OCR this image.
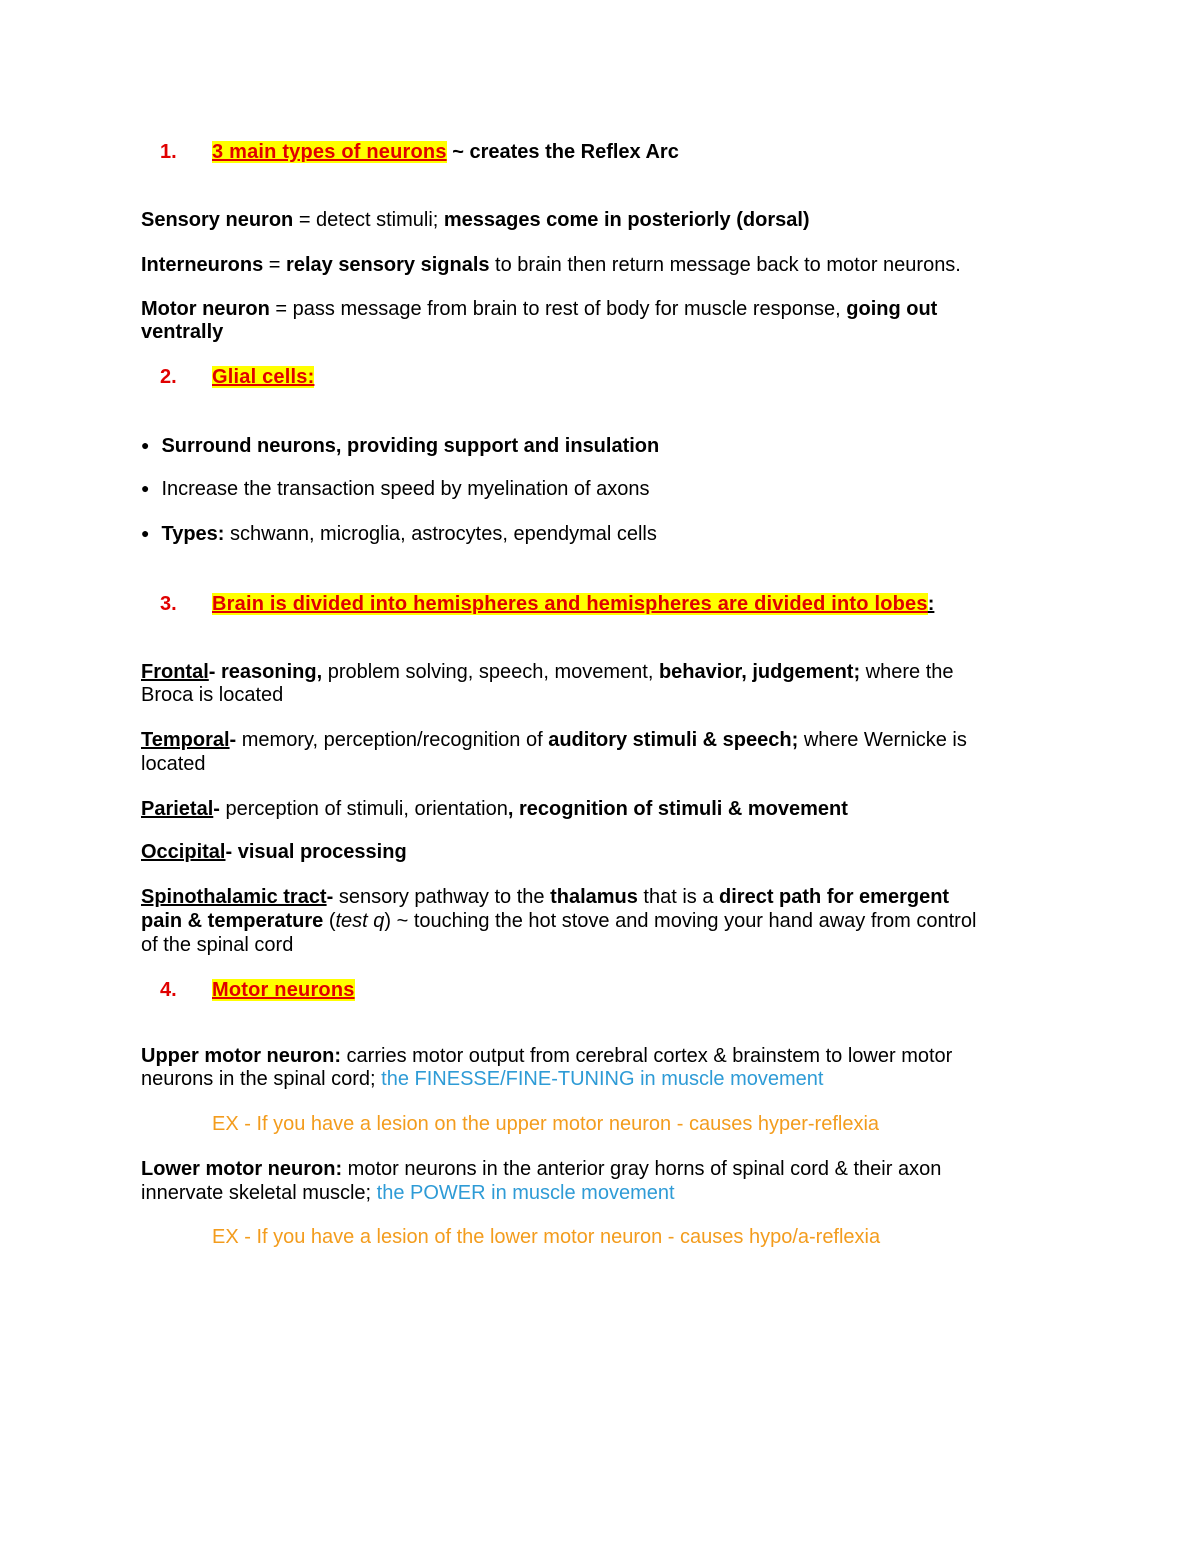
1. 3 main types of neurons ~ creates the Reflex Arc
Sensory neuron = detect stimuli; messages come in posteriorly (dorsal)
Interneurons = relay sensory signals to brain then return message back to motor neurons.
Motor neuron = pass message from brain to rest of body for muscle response, going out
ventrally
2. Glial cells:
● Surround neurons, providing support and insulation
● Increase the transaction speed by myelination of axons
● Types: schwann, microglia, astrocytes, ependymal cells
3. Brain is divided into hemispheres and hemispheres are divided into lobes:
Frontal- reasoning, problem solving, speech, movement, behavior, judgement; where the
Broca is located
Temporal- memory, perception/recognition of auditory stimuli & speech; where Wernicke is
located
Parietal- perception of stimuli, orientation, recognition of stimuli & movement
Occipital- visual processing
Spinothalamic tract- sensory pathway to the thalamus that is a direct path for emergent
pain & temperature (test q) ~ touching the hot stove and moving your hand away from control
of the spinal cord
4. Motor neurons
Upper motor neuron: carries motor output from cerebral cortex & brainstem to lower motor
neurons in the spinal cord; the FINESSE/FINE-TUNING in muscle movement
EX - If you have a lesion on the upper motor neuron - causes hyper-reflexia
Lower motor neuron: motor neurons in the anterior gray horns of spinal cord & their axon
innervate skeletal muscle; the POWER in muscle movement
EX - If you have a lesion of the lower motor neuron - causes hypo/a-reflexia
